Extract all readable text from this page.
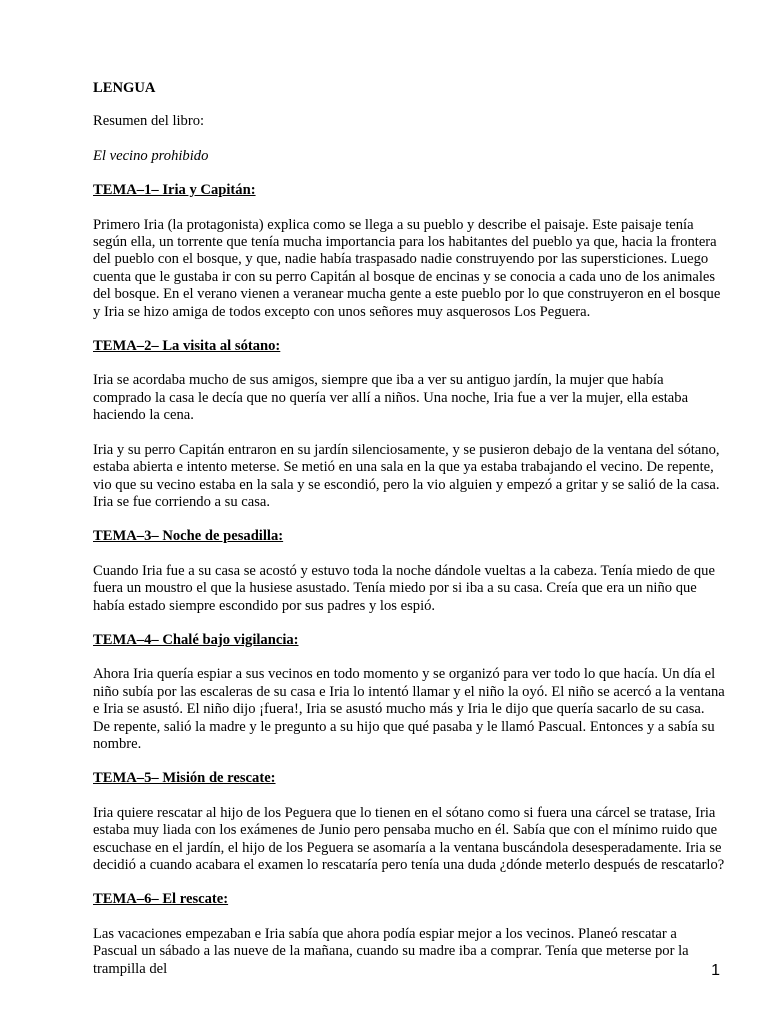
LENGUA
Resumen del libro:
El vecino prohibido
TEMA–1– Iria y Capitán:
Primero Iria (la protagonista) explica como se llega a su pueblo y describe el paisaje. Este paisaje tenía según ella, un torrente que tenía mucha importancia para los habitantes del pueblo ya que, hacia la frontera del pueblo con el bosque, y que, nadie había traspasado nadie construyendo por las supersticiones. Luego cuenta que le gustaba ir con su perro Capitán al bosque de encinas y se conocia a cada uno de los animales del bosque. En el verano vienen a veranear mucha gente a este pueblo por lo que construyeron en el bosque y Iria se hizo amiga de todos excepto con unos señores muy asquerosos Los Peguera.
TEMA–2– La visita al sótano:
Iria se acordaba mucho de sus amigos, siempre que iba a ver su antiguo jardín, la mujer que había comprado la casa le decía que no quería ver allí a niños. Una noche, Iria fue a ver la mujer, ella estaba haciendo la cena.
Iria y su perro Capitán entraron en su jardín silenciosamente, y se pusieron debajo de la ventana del sótano, estaba abierta e intento meterse. Se metió en una sala en la que ya estaba trabajando el vecino. De repente, vio que su vecino estaba en la sala y se escondió, pero la vio alguien y empezó a gritar y se salió de la casa. Iria se fue corriendo a su casa.
TEMA–3– Noche de pesadilla:
Cuando Iria fue a su casa se acostó y estuvo toda la noche dándole vueltas a la cabeza. Tenía miedo de que fuera un moustro el que la husiese asustado. Tenía miedo por si iba a su casa. Creía que era un niño que había estado siempre escondido por sus padres y los espió.
TEMA–4– Chalé bajo vigilancia:
Ahora Iria quería espiar a sus vecinos en todo momento y se organizó para ver todo lo que hacía. Un día el niño subía por las escaleras de su casa e Iria lo intentó llamar y el niño la oyó. El niño se acercó a la ventana e Iria se asustó. El niño dijo ¡fuera!, Iria se asustó mucho más y Iria le dijo que quería sacarlo de su casa. De repente, salió la madre y le pregunto a su hijo que qué pasaba y le llamó Pascual. Entonces y a sabía su nombre.
TEMA–5– Misión de rescate:
Iria quiere rescatar al hijo de los Peguera que lo tienen en el sótano como si fuera una cárcel se tratase, Iria estaba muy liada con los exámenes de Junio pero pensaba mucho en él. Sabía que con el mínimo ruido que escuchase en el jardín, el hijo de los Peguera se asomaría a la ventana buscándola desesperadamente. Iria se decidió a cuando acabara el examen lo rescataría pero tenía una duda ¿dónde meterlo después de rescatarlo?
TEMA–6– El rescate:
Las vacaciones empezaban e Iria sabía que ahora podía espiar mejor a los vecinos. Planeó rescatar a Pascual un sábado a las nueve de la mañana, cuando su madre iba a comprar. Tenía que meterse por la trampilla del	1
